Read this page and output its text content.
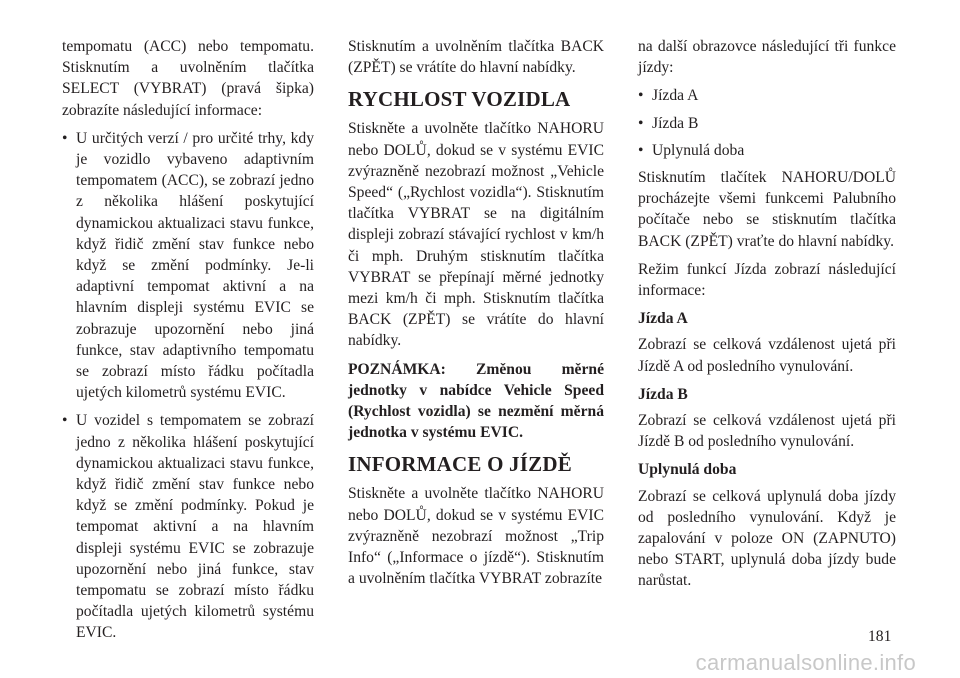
tempomatu (ACC) nebo tempomatu. Stisknutím a uvolněním tlačítka SELECT (VYBRAT) (pravá šipka) zobrazíte následující informace:

• U určitých verzí / pro určité trhy, kdy je vozidlo vybaveno adaptivním tempomatem (ACC), se zobrazí jedno z několika hlášení poskytující dynamickou aktualizaci stavu funkce, když řidič změní stav funkce nebo když se změní podmínky. Je-li adaptivní tempomat aktivní a na hlavním displeji systému EVIC se zobrazuje upozornění nebo jiná funkce, stav adaptivního tempomatu se zobrazí místo řádku počítadla ujetých kilometrů systému EVIC.
• U vozidel s tempomatem se zobrazí jedno z několika hlášení poskytující dynamickou aktualizaci stavu funkce, když řidič změní stav funkce nebo když se změní podmínky. Pokud je tempomat aktivní a na hlavním displeji systému EVIC se zobrazuje upozornění nebo jiná funkce, stav tempomatu se zobrazí místo řádku počítadla ujetých kilometrů systému EVIC.

Stisknutím a uvolněním tlačítka BACK (ZPĚT) se vrátíte do hlavní nabídky.

RYCHLOST VOZIDLA

Stiskněte a uvolněte tlačítko NAHORU nebo DOLŮ, dokud se v systému EVIC zvýrazněně nezobrazí možnost „Vehicle Speed“ („Rychlost vozidla“). Stisknutím tlačítka VYBRAT se na digitálním displeji zobrazí stávající rychlost v km/h či mph. Druhým stisknutím tlačítka VYBRAT se přepínají měrné jednotky mezi km/h či mph. Stisknutím tlačítka BACK (ZPĚT) se vrátíte do hlavní nabídky.

POZNÁMKA: Změnou měrné jednotky v nabídce Vehicle Speed (Rychlost vozidla) se nezmění měrná jednotka v systému EVIC.

INFORMACE O JÍZDĚ

Stiskněte a uvolněte tlačítko NAHORU nebo DOLŮ, dokud se v systému EVIC zvýrazněně nezobrazí možnost „Trip Info“ („Informace o jízdě“). Stisknutím a uvolněním tlačítka VYBRAT zobrazíte

na další obrazovce následující tři funkce jízdy:

• Jízda A
• Jízda B
• Uplynulá doba

Stisknutím tlačítek NAHORU/DOLŮ procházejte všemi funkcemi Palubního počítače nebo se stisknutím tlačítka BACK (ZPĚT) vraťte do hlavní nabídky.

Režim funkcí Jízda zobrazí následující informace:

Jízda A

Zobrazí se celková vzdálenost ujetá při Jízdě A od posledního vynulování.

Jízda B

Zobrazí se celková vzdálenost ujetá při Jízdě B od posledního vynulování.

Uplynulá doba

Zobrazí se celková uplynulá doba jízdy od posledního vynulování. Když je zapalování v poloze ON (ZAPNUTO) nebo START, uplynulá doba jízdy bude narůstat.

181
carmanualsonline.info
